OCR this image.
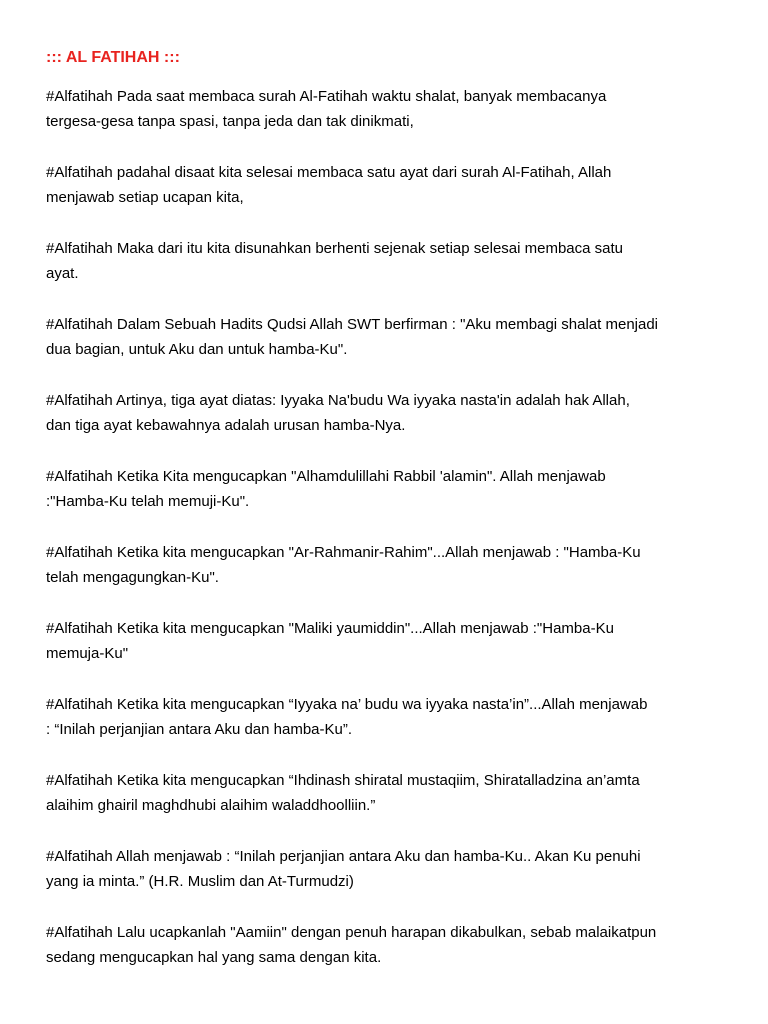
::: AL FATIHAH :::
#Alfatihah Pada saat membaca surah Al-Fatihah waktu shalat, banyak membacanya
tergesa-gesa tanpa spasi, tanpa jeda dan tak dinikmati,
#Alfatihah padahal disaat kita selesai membaca satu ayat dari surah Al-Fatihah, Allah
menjawab setiap ucapan kita,
#Alfatihah Maka dari itu kita disunahkan berhenti sejenak setiap selesai membaca satu
ayat.
#Alfatihah Dalam Sebuah Hadits Qudsi Allah SWT berfirman : "Aku membagi shalat menjadi
dua bagian, untuk Aku dan untuk hamba-Ku".
#Alfatihah Artinya, tiga ayat diatas: Iyyaka Na'budu Wa iyyaka nasta'in adalah hak Allah,
dan tiga ayat kebawahnya adalah urusan hamba-Nya.
#Alfatihah Ketika Kita mengucapkan "Alhamdulillahi Rabbil 'alamin". Allah menjawab
:"Hamba-Ku telah memuji-Ku".
#Alfatihah Ketika kita mengucapkan "Ar-Rahmanir-Rahim"...Allah menjawab : "Hamba-Ku
telah mengagungkan-Ku".
#Alfatihah Ketika kita mengucapkan "Maliki yaumiddin"...Allah menjawab :"Hamba-Ku
memuja-Ku"
#Alfatihah Ketika kita mengucapkan “Iyyaka na’ budu wa iyyaka nasta’in”...Allah menjawab
: “Inilah perjanjian antara Aku dan hamba-Ku”.
#Alfatihah Ketika kita mengucapkan “Ihdinash shiratal mustaqiim, Shiratalladzina an’amta
alaihim ghairil maghdhubi alaihim waladdhoolliin.”
#Alfatihah Allah menjawab : “Inilah perjanjian antara Aku dan hamba-Ku.. Akan Ku penuhi
yang ia minta.” (H.R. Muslim dan At-Turmudzi)
#Alfatihah Lalu ucapkanlah "Aamiin" dengan penuh harapan dikabulkan, sebab malaikatpun
sedang mengucapkan hal yang sama dengan kita.
